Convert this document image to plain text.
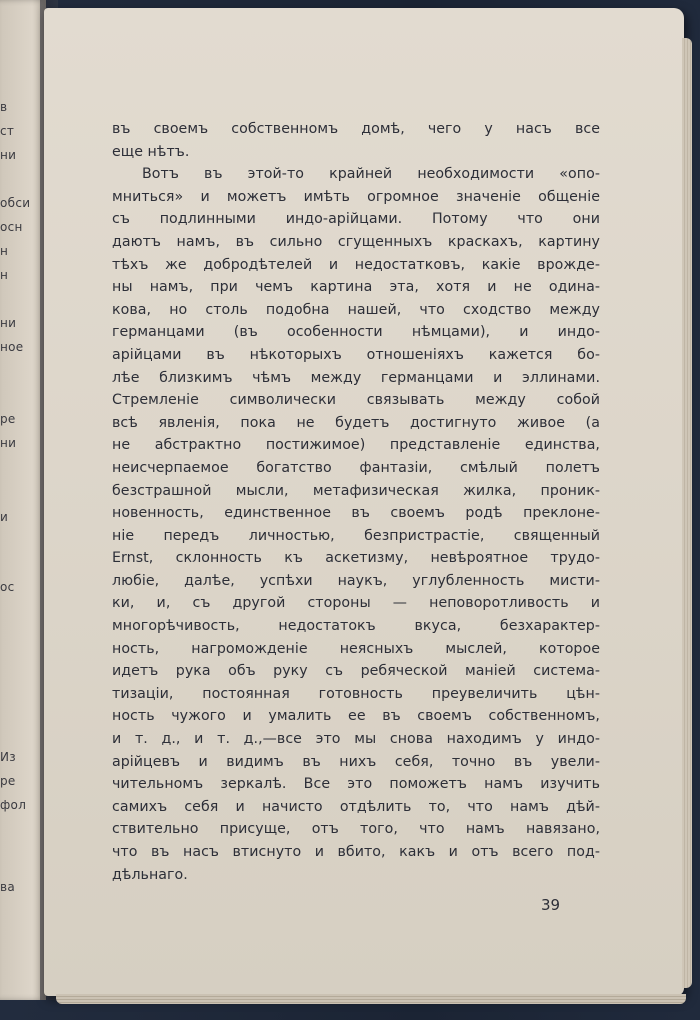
в
ст
ни
обси
осн
н
н
ни
ное
ре
ни
и
ос
Из
ре
фол
ва
въ своемъ собственномъ домѣ, чего у насъ все
еще нѣтъ.
Вотъ въ этой-то крайней необходимости «опо-
мниться» и можетъ имѣть огромное значеніе общеніе
съ подлинными индо-арійцами. Потому что они
даютъ намъ, въ сильно сгущенныхъ краскахъ, картину
тѣхъ же добродѣтелей и недостатковъ, какіе врожде-
ны намъ, при чемъ картина эта, хотя и не одина-
кова, но столь подобна нашей, что сходство между
германцами (въ особенности нѣмцами), и индо-
арійцами въ нѣкоторыхъ отношеніяхъ кажется бо-
лѣе близкимъ чѣмъ между германцами и эллинами.
Стремленіе символически связывать между собой
всѣ явленія, пока не будетъ достигнуто живое (а
не абстрактно постижимое) представленіе единства,
неисчерпаемое богатство фантазіи, смѣлый полетъ
безстрашной мысли, метафизическая жилка, проник-
новенность, единственное въ своемъ родѣ преклоне-
ніе передъ личностью, безпристрастіе, священный
Ernst, склонность къ аскетизму, невѣроятное трудо-
любіе, далѣе, успѣхи наукъ, углубленность мисти-
ки, и, съ другой стороны — неповоротливость и
многорѣчивость, недостатокъ вкуса, безхарактер-
ность, нагроможденіе неясныхъ мыслей, которое
идетъ рука объ руку съ ребяческой маніей система-
тизаціи, постоянная готовность преувеличить цѣн-
ность чужого и умалить ее въ своемъ собственномъ,
и т. д., и т. д.,—все это мы снова находимъ у индо-
арійцевъ и видимъ въ нихъ себя, точно въ увели-
чительномъ зеркалѣ. Все это поможетъ намъ изучить
самихъ себя и начисто отдѣлить то, что намъ дѣй-
ствительно присуще, отъ того, что намъ навязано,
что въ насъ втиснуто и вбито, какъ и отъ всего под-
дѣльнаго.
39
